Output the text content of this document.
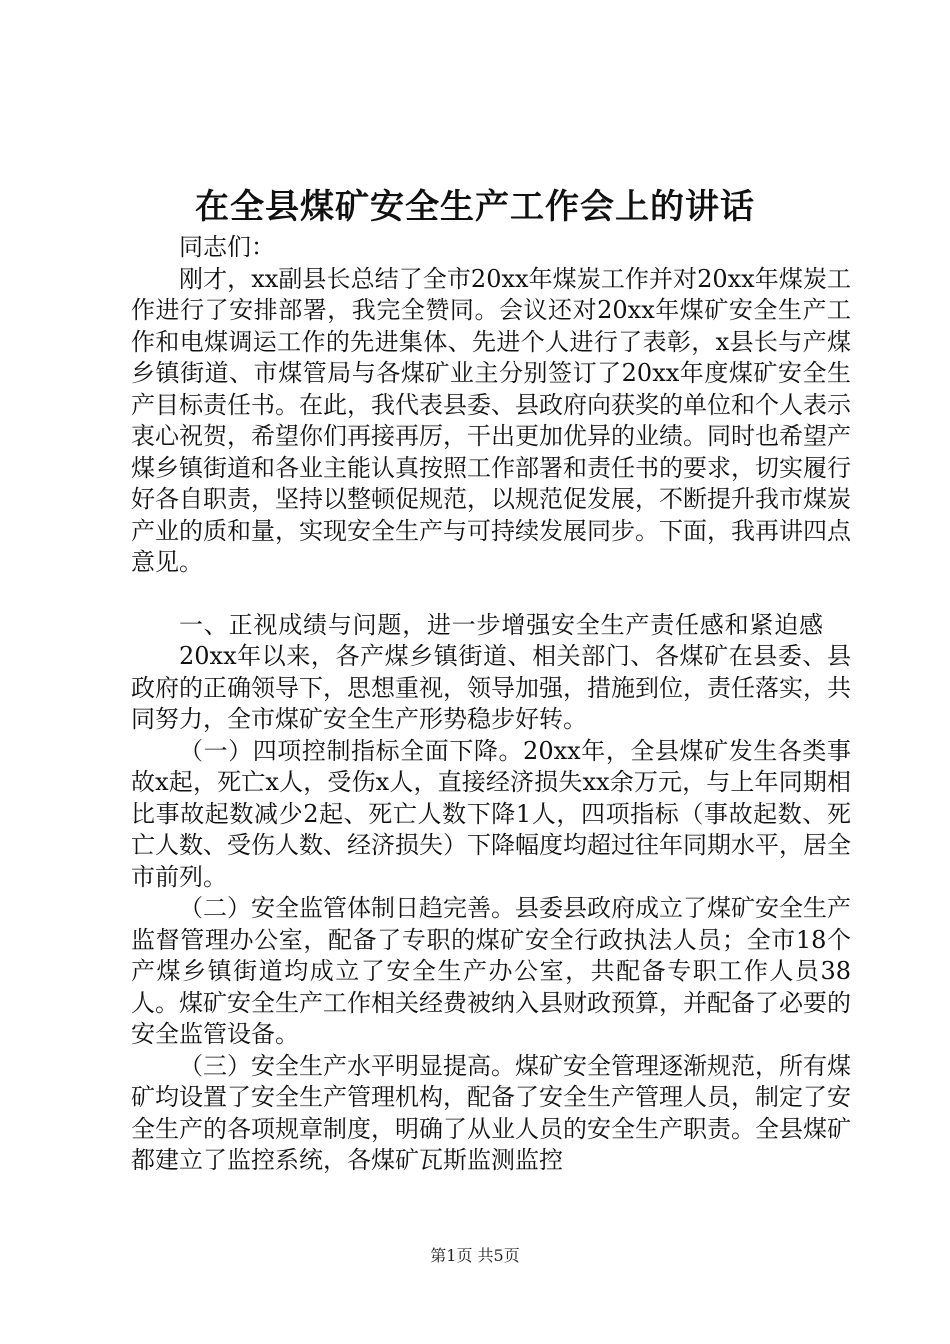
在全县煤矿安全生产工作会上的讲话

同志们：

刚才，xx副县长总结了全市20xx年煤炭工作并对20xx年煤炭工作进行了安排部署，我完全赞同。会议还对20xx年煤矿安全生产工作和电煤调运工作的先进集体、先进个人进行了表彰，x县长与产煤乡镇街道、市煤管局与各煤矿业主分别签订了20xx年度煤矿安全生产目标责任书。在此，我代表县委、县政府向获奖的单位和个人表示衷心祝贺，希望你们再接再厉，干出更加优异的业绩。同时也希望产煤乡镇街道和各业主能认真按照工作部署和责任书的要求，切实履行好各自职责，坚持以整顿促规范，以规范促发展，不断提升我市煤炭产业的质和量，实现安全生产与可持续发展同步。下面，我再讲四点意见。

一、正视成绩与问题，进一步增强安全生产责任感和紧迫感

20xx年以来，各产煤乡镇街道、相关部门、各煤矿在县委、县政府的正确领导下，思想重视，领导加强，措施到位，责任落实，共同努力，全市煤矿安全生产形势稳步好转。

（一）四项控制指标全面下降。20xx年，全县煤矿发生各类事故x起，死亡x人，受伤x人，直接经济损失xx余万元，与上年同期相比事故起数减少2起、死亡人数下降1人，四项指标（事故起数、死亡人数、受伤人数、经济损失）下降幅度均超过往年同期水平，居全市前列。

（二）安全监管体制日趋完善。县委县政府成立了煤矿安全生产监督管理办公室，配备了专职的煤矿安全行政执法人员；全市18个产煤乡镇街道均成立了安全生产办公室，共配备专职工作人员38人。煤矿安全生产工作相关经费被纳入县财政预算，并配备了必要的安全监管设备。

（三）安全生产水平明显提高。煤矿安全管理逐渐规范，所有煤矿均设置了安全生产管理机构，配备了安全生产管理人员，制定了安全生产的各项规章制度，明确了从业人员的安全生产职责。全县煤矿都建立了监控系统，各煤矿瓦斯监测监控

第1页 共5页
